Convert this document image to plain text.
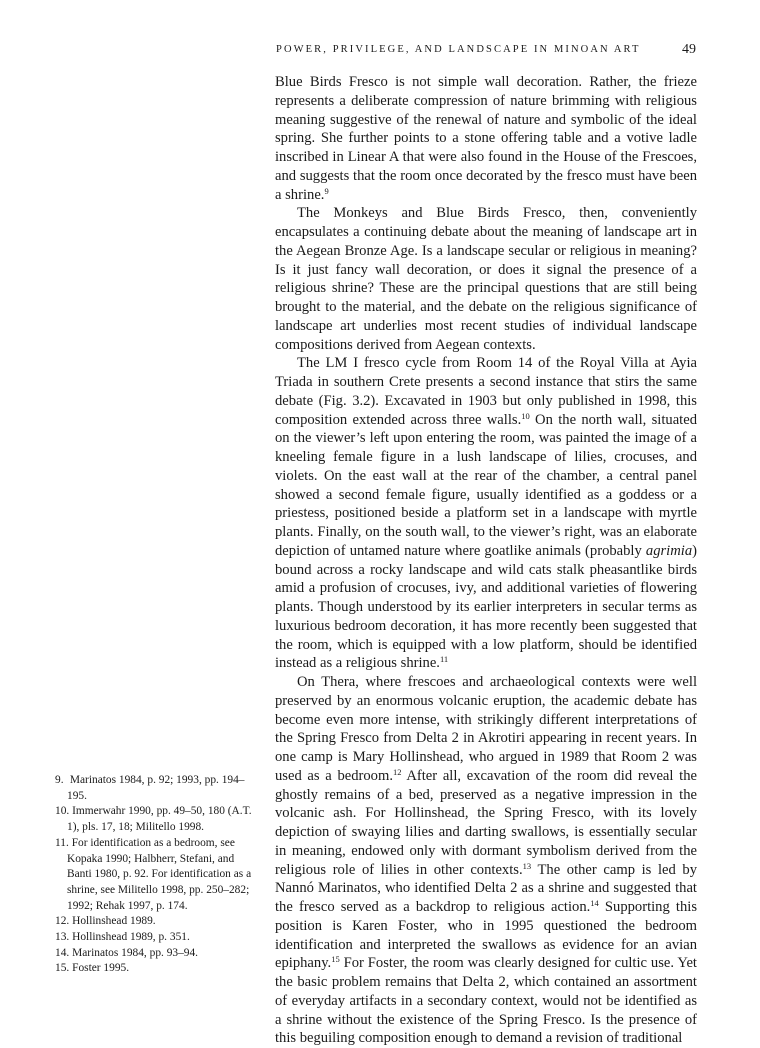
POWER, PRIVILEGE, AND LANDSCAPE IN MINOAN ART	49

Blue Birds Fresco is not simple wall decoration. Rather, the frieze represents a deliberate compression of nature brimming with religious meaning suggestive of the renewal of nature and symbolic of the ideal spring. She further points to a stone offering table and a votive ladle inscribed in Linear A that were also found in the House of the Frescoes, and suggests that the room once decorated by the fresco must have been a shrine.$^9$

The Monkeys and Blue Birds Fresco, then, conveniently encapsulates a continuing debate about the meaning of landscape art in the Aegean Bronze Age. Is a landscape secular or religious in meaning? Is it just fancy wall decoration, or does it signal the presence of a religious shrine? These are the principal questions that are still being brought to the material, and the debate on the religious significance of landscape art underlies most recent studies of individual landscape compositions derived from Aegean contexts.

The LM I fresco cycle from Room 14 of the Royal Villa at Ayia Triada in southern Crete presents a second instance that stirs the same debate (Fig. 3.2). Excavated in 1903 but only published in 1998, this composition extended across three walls.$^{10}$ On the north wall, situated on the viewer’s left upon entering the room, was painted the image of a kneeling female figure in a lush landscape of lilies, crocuses, and violets. On the east wall at the rear of the chamber, a central panel showed a second female figure, usually identified as a goddess or a priestess, positioned beside a platform set in a landscape with myrtle plants. Finally, on the south wall, to the viewer’s right, was an elaborate depiction of untamed nature where goatlike animals (probably agrimia) bound across a rocky landscape and wild cats stalk pheasantlike birds amid a profusion of crocuses, ivy, and additional varieties of flowering plants. Though understood by its earlier interpreters in secular terms as luxurious bedroom decoration, it has more recently been suggested that the room, which is equipped with a low platform, should be identified instead as a religious shrine.$^{11}$

On Thera, where frescoes and archaeological contexts were well preserved by an enormous volcanic eruption, the academic debate has become even more intense, with strikingly different interpretations of the Spring Fresco from Delta 2 in Akrotiri appearing in recent years. In one camp is Mary Hollinshead, who argued in 1989 that Room 2 was used as a bedroom.$^{12}$ After all, excavation of the room did reveal the ghostly remains of a bed, preserved as a negative impression in the volcanic ash. For Hollinshead, the Spring Fresco, with its lovely depiction of swaying lilies and darting swallows, is essentially secular in meaning, endowed only with dormant symbolism derived from the religious role of lilies in other contexts.$^{13}$ The other camp is led by Nannó Marinatos, who identified Delta 2 as a shrine and suggested that the fresco served as a backdrop to religious action.$^{14}$ Supporting this position is Karen Foster, who in 1995 questioned the bedroom identification and interpreted the swallows as evidence for an avian epiphany.$^{15}$ For Foster, the room was clearly designed for cultic use. Yet the basic problem remains that Delta 2, which contained an assortment of everyday artifacts in a secondary context, would not be identified as a shrine without the existence of the Spring Fresco. Is the presence of this beguiling composition enough to demand a revision of traditional

9. Marinatos 1984, p. 92; 1993, pp. 194–195.
10. Immerwahr 1990, pp. 49–50, 180 (A.T. 1), pls. 17, 18; Militello 1998.
11. For identification as a bedroom, see Kopaka 1990; Halbherr, Stefani, and Banti 1980, p. 92. For identification as a shrine, see Militello 1998, pp. 250–282; 1992; Rehak 1997, p. 174.
12. Hollinshead 1989.
13. Hollinshead 1989, p. 351.
14. Marinatos 1984, pp. 93–94.
15. Foster 1995.
